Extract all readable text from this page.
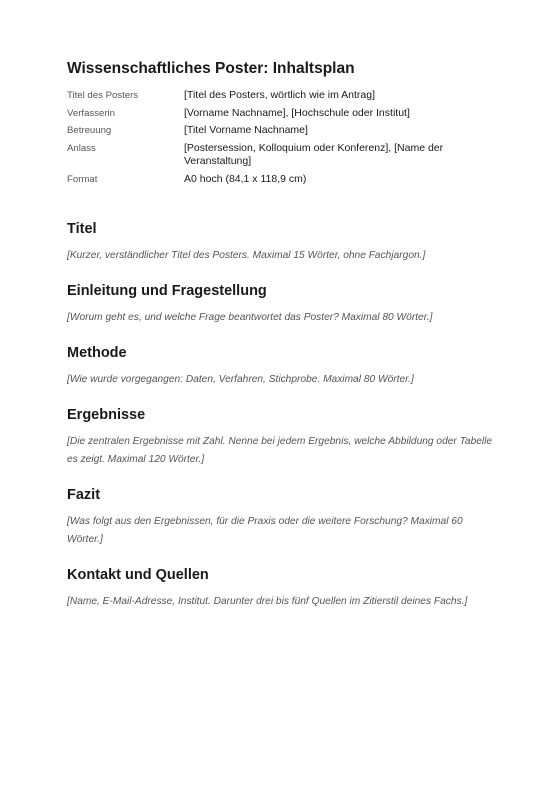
Wissenschaftliches Poster: Inhaltsplan
Titel des Posters	[Titel des Posters, wörtlich wie im Antrag]
Verfasserin	[Vorname Nachname], [Hochschule oder Institut]
Betreuung	[Titel Vorname Nachname]
Anlass	[Postersession, Kolloquium oder Konferenz], [Name der Veranstaltung]
Format	A0 hoch (84,1 x 118,9 cm)
Titel

[Kurzer, verständlicher Titel des Posters. Maximal 15 Wörter, ohne Fachjargon.]

Einleitung und Fragestellung

[Worum geht es, und welche Frage beantwortet das Poster? Maximal 80 Wörter.]

Methode

[Wie wurde vorgegangen: Daten, Verfahren, Stichprobe. Maximal 80 Wörter.]

Ergebnisse

[Die zentralen Ergebnisse mit Zahl. Nenne bei jedem Ergebnis, welche Abbildung oder Tabelle es zeigt. Maximal 120 Wörter.]

Fazit

[Was folgt aus den Ergebnissen, für die Praxis oder die weitere Forschung? Maximal 60 Wörter.]

Kontakt und Quellen

[Name, E-Mail-Adresse, Institut. Darunter drei bis fünf Quellen im Zitierstil deines Fachs.]
